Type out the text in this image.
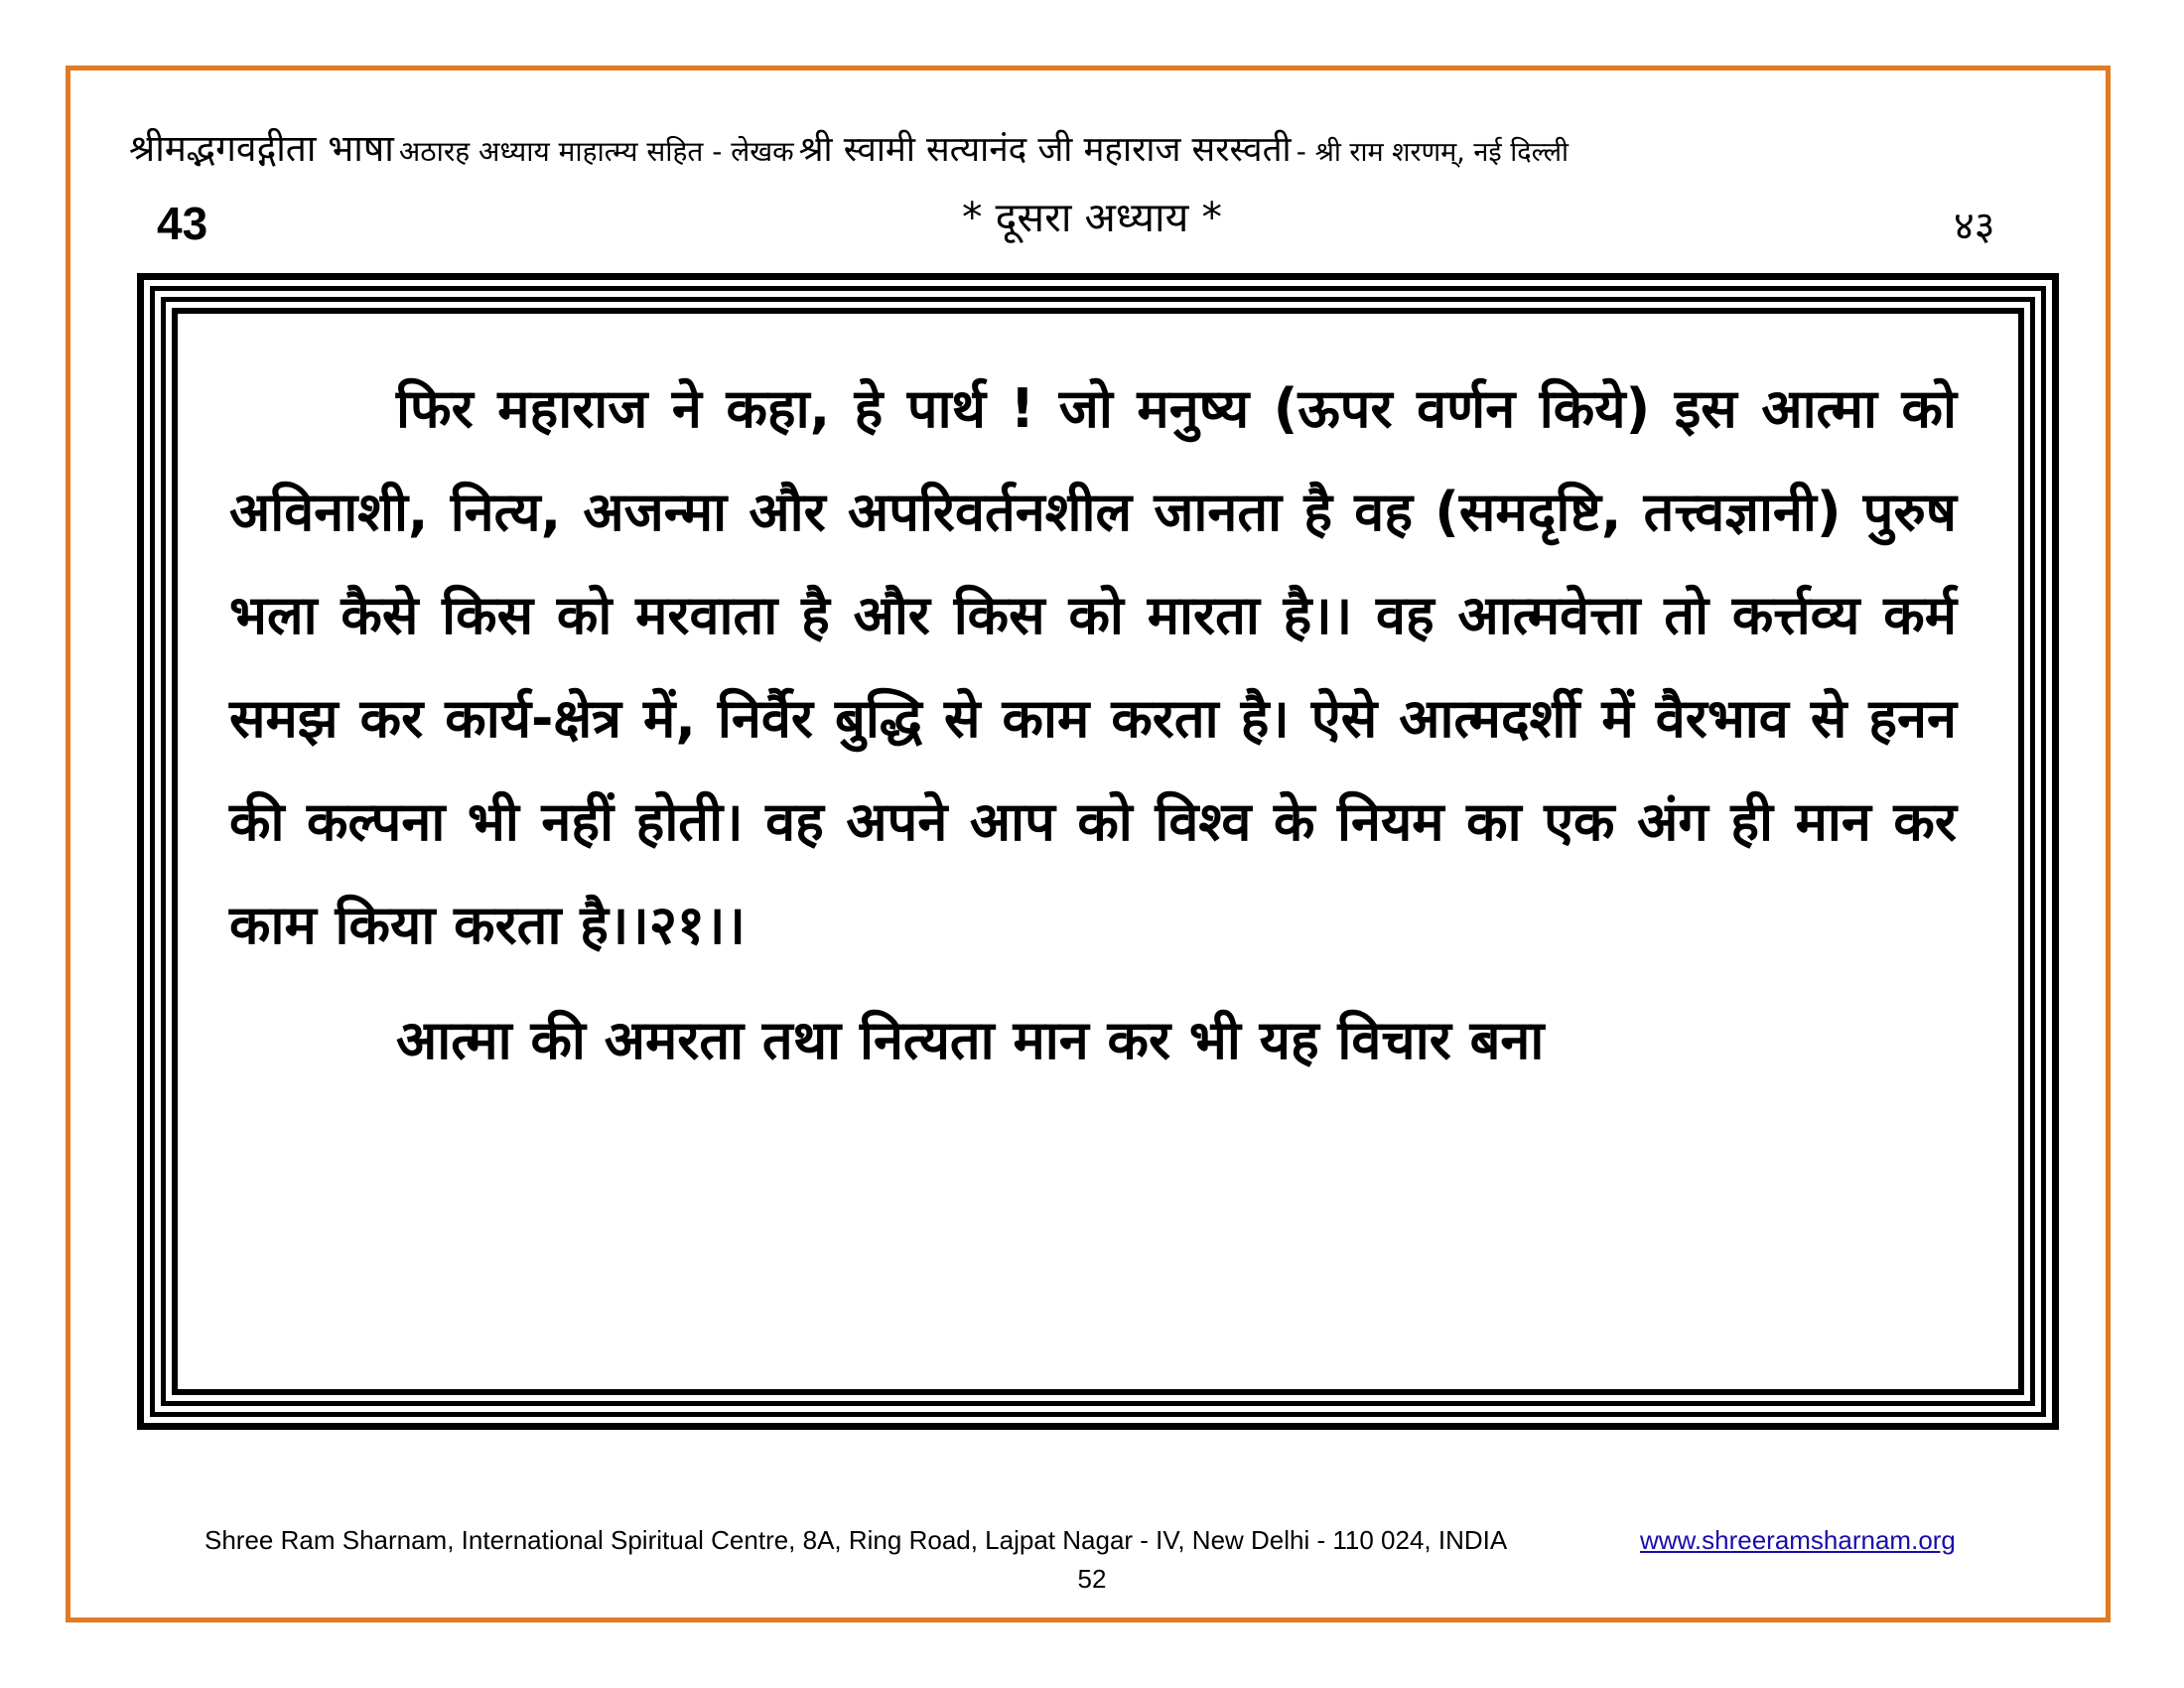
श्रीमद्भगवद्गीता भाषा अठारह अध्याय माहात्म्य सहित - लेखक श्री स्वामी सत्यानंद जी महाराज सरस्वती - श्री राम शरणम्, नई दिल्ली
43	* दूसरा अध्याय *	४३

फिर महाराज ने कहा, हे पार्थ ! जो मनुष्य (ऊपर वर्णन किये) इस आत्मा को अविनाशी, नित्य, अजन्मा और अपरिवर्तनशील जानता है वह (समदृष्टि, तत्त्वज्ञानी) पुरुष भला कैसे किस को मरवाता है और किस को मारता है।। वह आत्मवेत्ता तो कर्त्तव्य कर्म समझ कर कार्य-क्षेत्र में, निर्वैर बुद्धि से काम करता है। ऐसे आत्मदर्शी में वैरभाव से हनन की कल्पना भी नहीं होती। वह अपने आप को विश्व के नियम का एक अंग ही मान कर काम किया करता है।।२१।।

आत्मा की अमरता तथा नित्यता मान कर भी यह विचार बना

Shree Ram Sharnam, International Spiritual Centre, 8A, Ring Road, Lajpat Nagar - IV, New Delhi - 110 024, INDIA	www.shreeramsharnam.org
52
